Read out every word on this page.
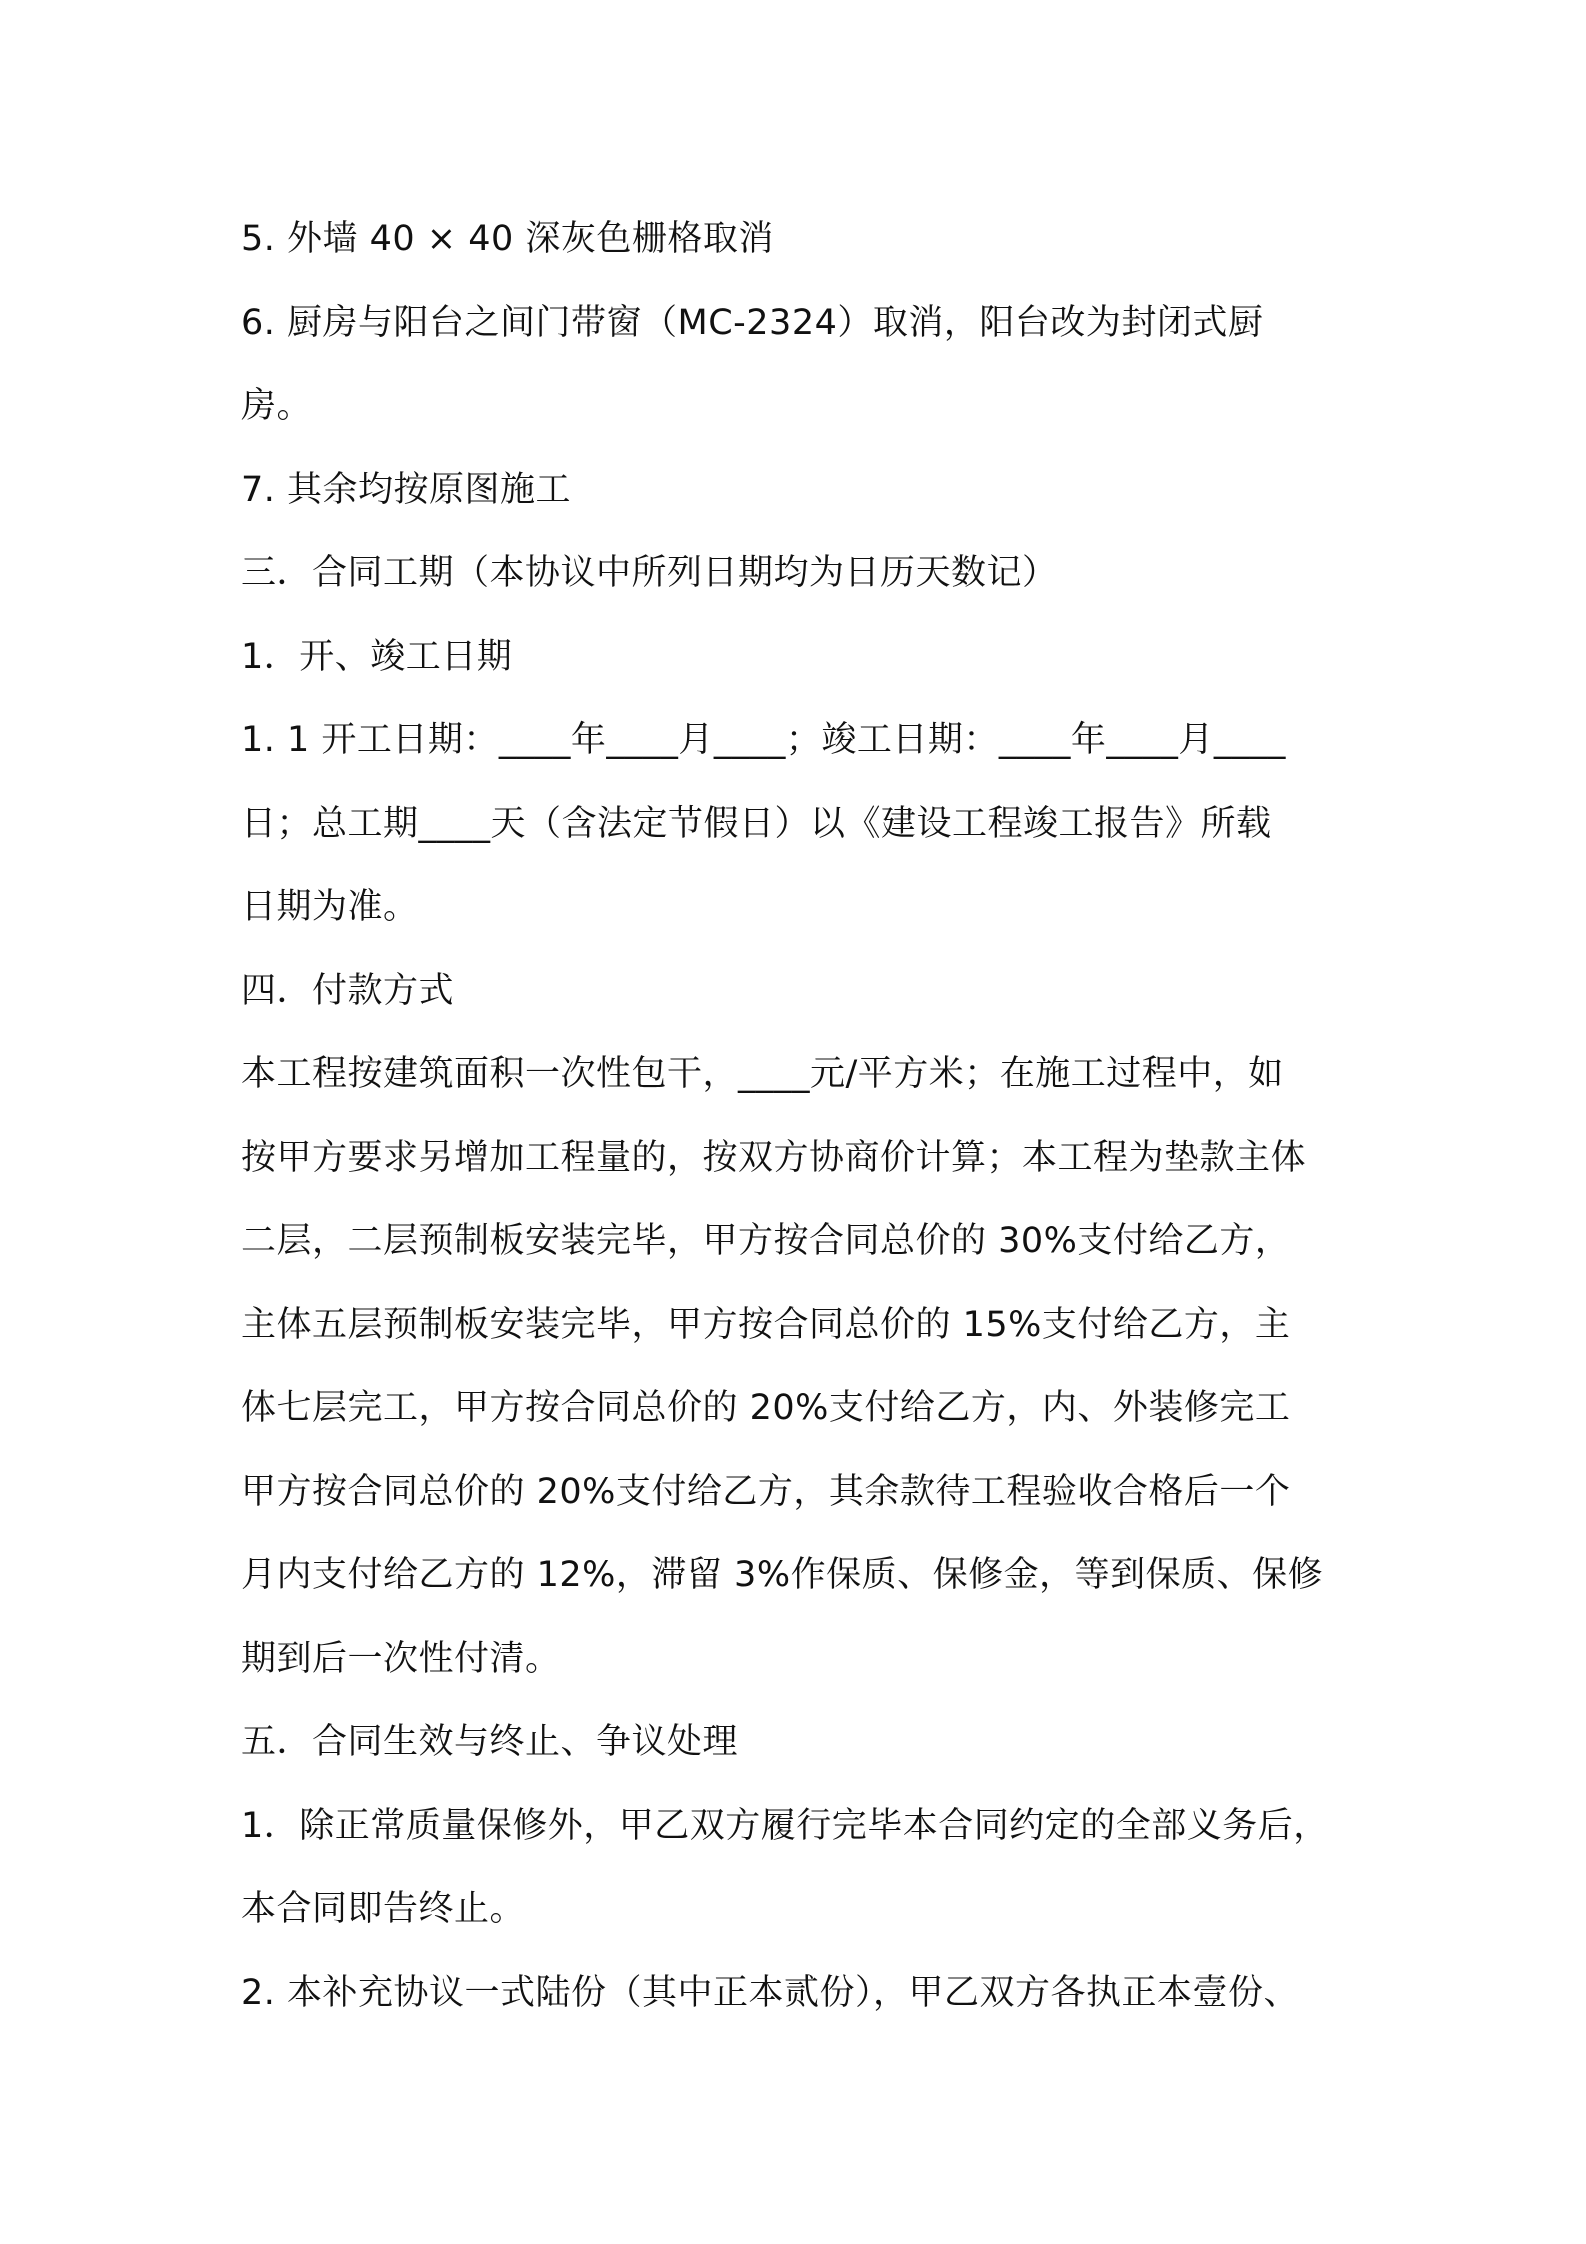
5. 外墙 40 × 40 深灰色栅格取消
6. 厨房与阳台之间门带窗（MC-2324）取消，阳台改为封闭式厨
房。
7. 其余均按原图施工
三．合同工期（本协议中所列日期均为日历天数记）
1．开、竣工日期
1. 1 开工日期：____年____月____；竣工日期：____年____月____
日；总工期____天（含法定节假日）以《建设工程竣工报告》所载
日期为准。
四．付款方式
本工程按建筑面积一次性包干，____元/平方米；在施工过程中，如
按甲方要求另增加工程量的，按双方协商价计算；本工程为垫款主体
二层，二层预制板安装完毕，甲方按合同总价的 30%支付给乙方，
主体五层预制板安装完毕，甲方按合同总价的 15%支付给乙方，主
体七层完工，甲方按合同总价的 20%支付给乙方，内、外装修完工
甲方按合同总价的 20%支付给乙方，其余款待工程验收合格后一个
月内支付给乙方的 12%，滞留 3%作保质、保修金，等到保质、保修
期到后一次性付清。
五．合同生效与终止、争议处理
1．除正常质量保修外，甲乙双方履行完毕本合同约定的全部义务后，
本合同即告终止。
2. 本补充协议一式陆份（其中正本贰份），甲乙双方各执正本壹份、
